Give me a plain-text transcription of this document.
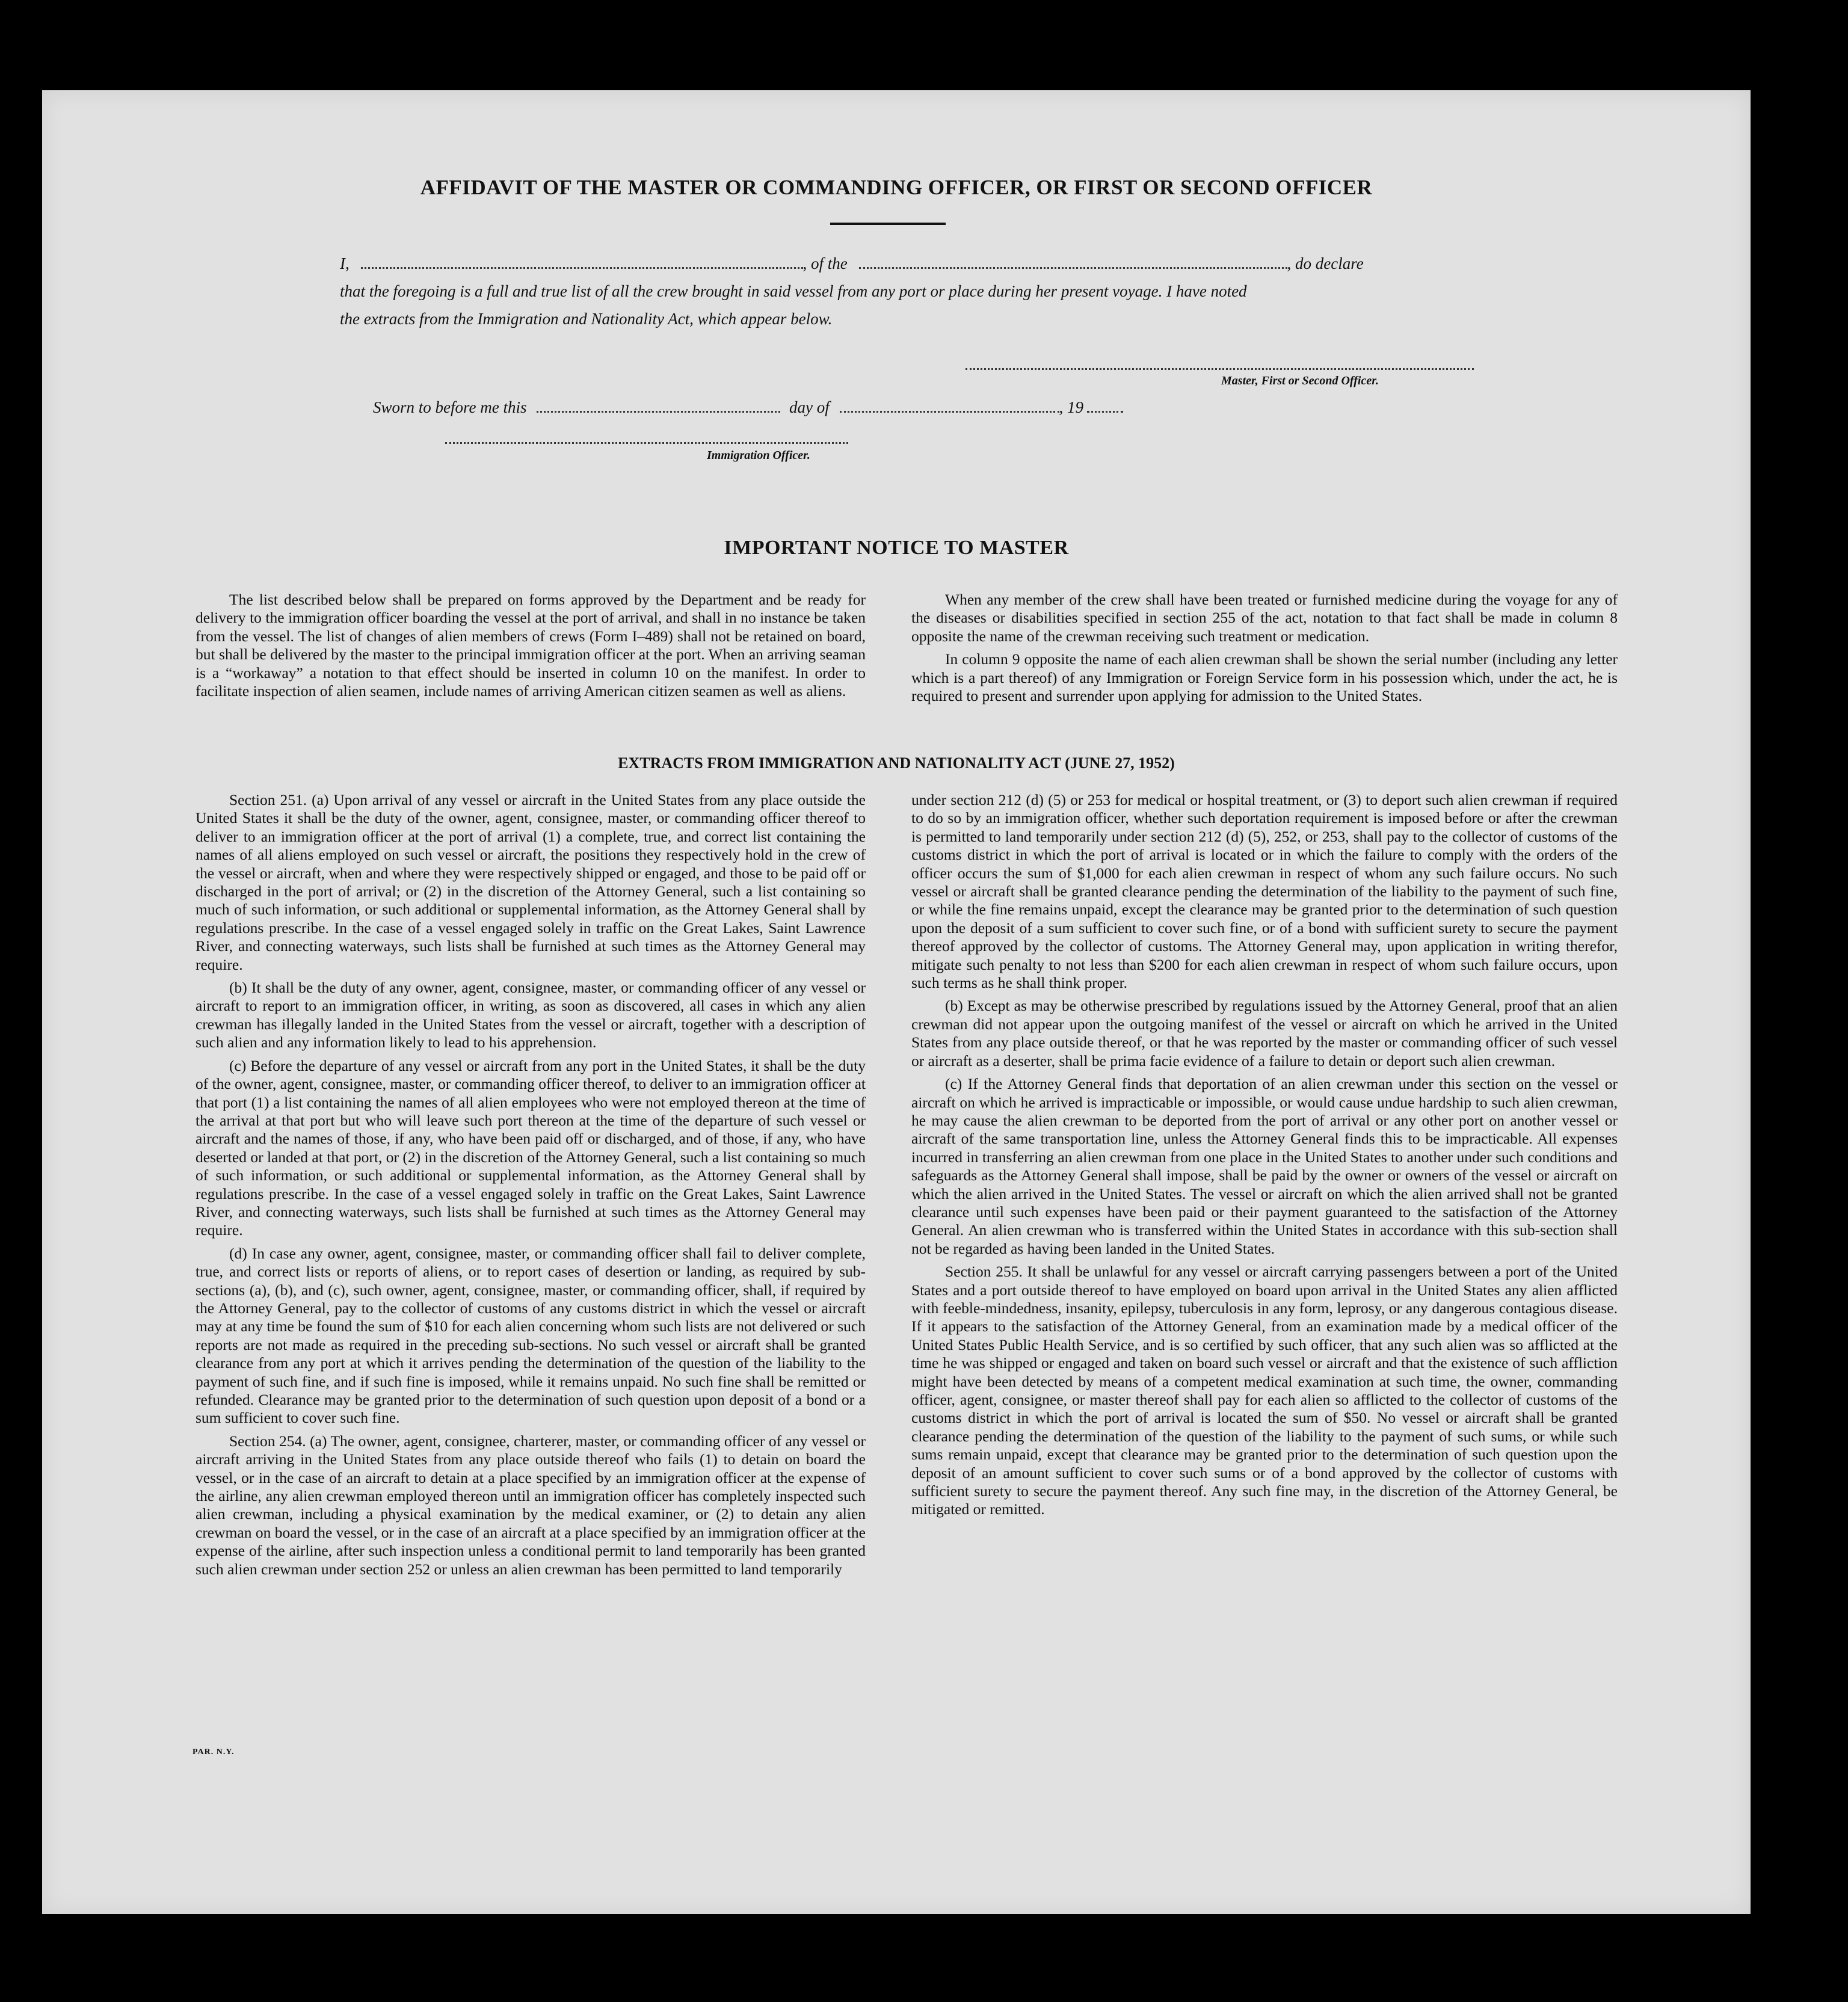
AFFIDAVIT OF THE MASTER OR COMMANDING OFFICER, OR FIRST OR SECOND OFFICER
I,	, of the	, do declare
that the foregoing is a full and true list of all the crew brought in said vessel from any port or place during her present voyage. I have noted
the extracts from the Immigration and Nationality Act, which appear below.
Master, First or Second Officer.
Sworn to before me this	day of	, 19
Immigration Officer.
IMPORTANT NOTICE TO MASTER

The list described below shall be prepared on forms approved by the Department and be ready for delivery to the immigration officer boarding the vessel at the port of arrival, and shall in no instance be taken from the vessel. The list of changes of alien members of crews (Form I–489) shall not be retained on board, but shall be delivered by the master to the principal immigration officer at the port. When an arriving seaman is a “workaway” a notation to that effect should be inserted in column 10 on the manifest. In order to facilitate inspection of alien seamen, include names of arriving American citizen seamen as well as aliens.

When any member of the crew shall have been treated or furnished medicine during the voyage for any of the diseases or disabilities specified in section 255 of the act, notation to that fact shall be made in column 8 opposite the name of the crewman receiving such treatment or medication.

In column 9 opposite the name of each alien crewman shall be shown the serial number (including any letter which is a part thereof) of any Immigration or Foreign Service form in his possession which, under the act, he is required to present and surrender upon applying for admission to the United States.

EXTRACTS FROM IMMIGRATION AND NATIONALITY ACT (JUNE 27, 1952)

Section 251. (a) Upon arrival of any vessel or aircraft in the United States from any place outside the United States it shall be the duty of the owner, agent, consignee, master, or commanding officer thereof to deliver to an immigration officer at the port of arrival (1) a complete, true, and correct list containing the names of all aliens employed on such vessel or aircraft, the positions they respectively hold in the crew of the vessel or aircraft, when and where they were respectively shipped or engaged, and those to be paid off or discharged in the port of arrival; or (2) in the discretion of the Attorney General, such a list containing so much of such information, or such additional or supplemental information, as the Attorney General shall by regulations prescribe. In the case of a vessel engaged solely in traffic on the Great Lakes, Saint Lawrence River, and connecting waterways, such lists shall be furnished at such times as the Attorney General may require.

(b) It shall be the duty of any owner, agent, consignee, master, or commanding officer of any vessel or aircraft to report to an immigration officer, in writing, as soon as discovered, all cases in which any alien crewman has illegally landed in the United States from the vessel or aircraft, together with a description of such alien and any information likely to lead to his apprehension.

(c) Before the departure of any vessel or aircraft from any port in the United States, it shall be the duty of the owner, agent, consignee, master, or commanding officer thereof, to deliver to an immigration officer at that port (1) a list containing the names of all alien employees who were not employed thereon at the time of the arrival at that port but who will leave such port thereon at the time of the departure of such vessel or aircraft and the names of those, if any, who have been paid off or discharged, and of those, if any, who have deserted or landed at that port, or (2) in the discretion of the Attorney General, such a list containing so much of such information, or such additional or supplemental information, as the Attorney General shall by regulations prescribe. In the case of a vessel engaged solely in traffic on the Great Lakes, Saint Lawrence River, and connecting waterways, such lists shall be furnished at such times as the Attorney General may require.

(d) In case any owner, agent, consignee, master, or commanding officer shall fail to deliver complete, true, and correct lists or reports of aliens, or to report cases of desertion or landing, as required by sub-sections (a), (b), and (c), such owner, agent, consignee, master, or commanding officer, shall, if required by the Attorney General, pay to the collector of customs of any customs district in which the vessel or aircraft may at any time be found the sum of $10 for each alien concerning whom such lists are not delivered or such reports are not made as required in the preceding sub-sections. No such vessel or aircraft shall be granted clearance from any port at which it arrives pending the determination of the question of the liability to the payment of such fine, and if such fine is imposed, while it remains unpaid. No such fine shall be remitted or refunded. Clearance may be granted prior to the determination of such question upon deposit of a bond or a sum sufficient to cover such fine.

Section 254. (a) The owner, agent, consignee, charterer, master, or commanding officer of any vessel or aircraft arriving in the United States from any place outside thereof who fails (1) to detain on board the vessel, or in the case of an aircraft to detain at a place specified by an immigration officer at the expense of the airline, any alien crewman employed thereon until an immigration officer has completely inspected such alien crewman, including a physical examination by the medical examiner, or (2) to detain any alien crewman on board the vessel, or in the case of an aircraft at a place specified by an immigration officer at the expense of the airline, after such inspection unless a conditional permit to land temporarily has been granted such alien crewman under section 252 or unless an alien crewman has been permitted to land temporarily

under section 212 (d) (5) or 253 for medical or hospital treatment, or (3) to deport such alien crewman if required to do so by an immigration officer, whether such deportation requirement is imposed before or after the crewman is permitted to land temporarily under section 212 (d) (5), 252, or 253, shall pay to the collector of customs of the customs district in which the port of arrival is located or in which the failure to comply with the orders of the officer occurs the sum of $1,000 for each alien crewman in respect of whom any such failure occurs. No such vessel or aircraft shall be granted clearance pending the determination of the liability to the payment of such fine, or while the fine remains unpaid, except the clearance may be granted prior to the determination of such question upon the deposit of a sum sufficient to cover such fine, or of a bond with sufficient surety to secure the payment thereof approved by the collector of customs. The Attorney General may, upon application in writing therefor, mitigate such penalty to not less than $200 for each alien crewman in respect of whom such failure occurs, upon such terms as he shall think proper.

(b) Except as may be otherwise prescribed by regulations issued by the Attorney General, proof that an alien crewman did not appear upon the outgoing manifest of the vessel or aircraft on which he arrived in the United States from any place outside thereof, or that he was reported by the master or commanding officer of such vessel or aircraft as a deserter, shall be prima facie evidence of a failure to detain or deport such alien crewman.

(c) If the Attorney General finds that deportation of an alien crewman under this section on the vessel or aircraft on which he arrived is impracticable or impossible, or would cause undue hardship to such alien crewman, he may cause the alien crewman to be deported from the port of arrival or any other port on another vessel or aircraft of the same transportation line, unless the Attorney General finds this to be impracticable. All expenses incurred in transferring an alien crewman from one place in the United States to another under such conditions and safeguards as the Attorney General shall impose, shall be paid by the owner or owners of the vessel or aircraft on which the alien arrived in the United States. The vessel or aircraft on which the alien arrived shall not be granted clearance until such expenses have been paid or their payment guaranteed to the satisfaction of the Attorney General. An alien crewman who is transferred within the United States in accordance with this sub-section shall not be regarded as having been landed in the United States.

Section 255. It shall be unlawful for any vessel or aircraft carrying passengers between a port of the United States and a port outside thereof to have employed on board upon arrival in the United States any alien afflicted with feeble-mindedness, insanity, epilepsy, tuberculosis in any form, leprosy, or any dangerous contagious disease. If it appears to the satisfaction of the Attorney General, from an examination made by a medical officer of the United States Public Health Service, and is so certified by such officer, that any such alien was so afflicted at the time he was shipped or engaged and taken on board such vessel or aircraft and that the existence of such affliction might have been detected by means of a competent medical examination at such time, the owner, commanding officer, agent, consignee, or master thereof shall pay for each alien so afflicted to the collector of customs of the customs district in which the port of arrival is located the sum of $50. No vessel or aircraft shall be granted clearance pending the determination of the question of the liability to the payment of such sums, or while such sums remain unpaid, except that clearance may be granted prior to the determination of such question upon the deposit of an amount sufficient to cover such sums or of a bond approved by the collector of customs with sufficient surety to secure the payment thereof. Any such fine may, in the discretion of the Attorney General, be mitigated or remitted.

PAR. N.Y.
